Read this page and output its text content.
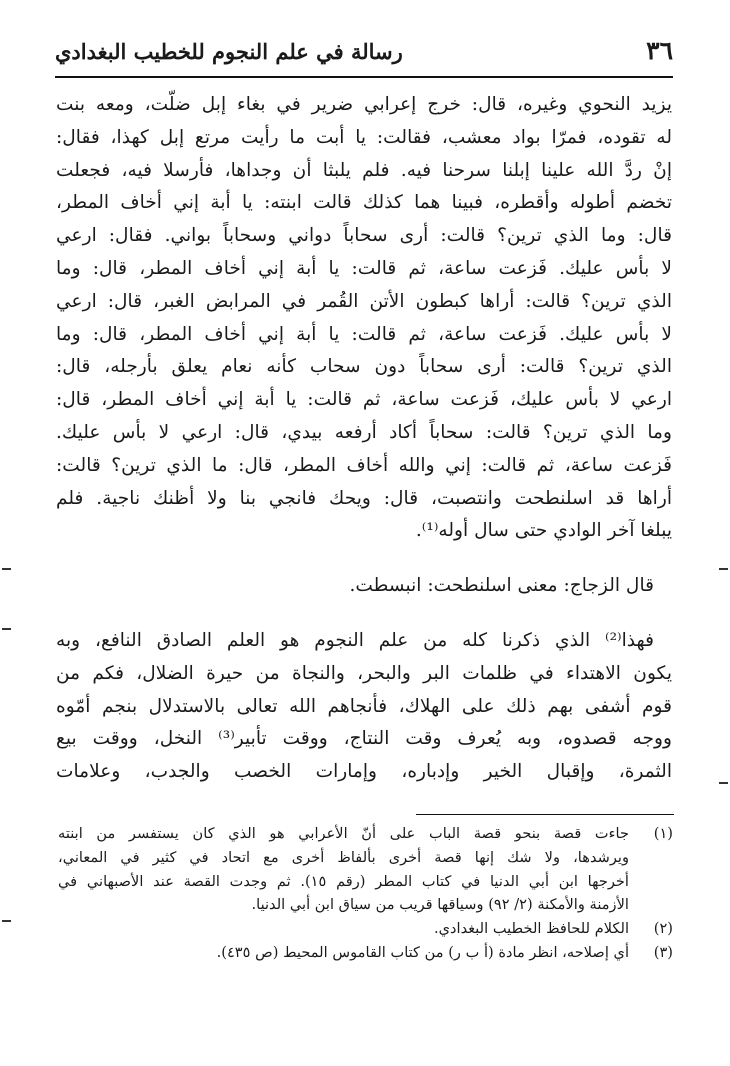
٣٦
رسالة في علم النجوم للخطيب البغدادي
يزيد النحوي وغيره، قال: خرج إعرابي ضرير في بغاء إبل ضلّت، ومعه بنت
له تقوده، فمرّا بواد معشب، فقالت: يا أبت ما رأيت مرتع إبل كهذا، فقال:
إنْ ردَّ الله علينا إبلنا سرحنا فيه. فلم يلبثا أن وجداها، فأرسلا فيه، فجعلت
تخضم أطوله وأقطره، فبينا هما كذلك قالت ابنته: يا أبة إني أخاف المطر،
قال: وما الذي ترين؟ قالت: أرى سحاباً دواني وسحاباً بواني. فقال: ارعي
لا بأس عليك. فَزعت ساعة، ثم قالت: يا أبة إني أخاف المطر، قال: وما
الذي ترين؟ قالت: أراها كبطون الأتن القُمر في المرابض الغبر، قال: ارعي
لا بأس عليك. فَزعت ساعة، ثم قالت: يا أبة إني أخاف المطر، قال: وما
الذي ترين؟ قالت: أرى سحاباً دون سحاب كأنه نعام يعلق بأرجله، قال:
ارعي لا بأس عليك، فَزعت ساعة، ثم قالت: يا أبة إني أخاف المطر، قال:
وما الذي ترين؟ قالت: سحاباً أكاد أرفعه بيدي، قال: ارعي لا بأس عليك.
فَزعت ساعة، ثم قالت: إني والله أخاف المطر، قال: ما الذي ترين؟ قالت:
أراها قد اسلنطحت وانتصبت، قال: ويحك فانجي بنا ولا أظنك ناجية. فلم
يبلغا آخر الوادي حتى سال أوله⁽¹⁾.
قال الزجاج: معنى اسلنطحت: انبسطت.
فهذا⁽²⁾ الذي ذكرنا كله من علم النجوم هو العلم الصادق النافع، وبه
يكون الاهتداء في ظلمات البر والبحر، والنجاة من حيرة الضلال، فكم من
قوم أشفى بهم ذلك على الهلاك، فأنجاهم الله تعالى بالاستدلال بنجم أمّوه
ووجه قصدوه، وبه يُعرف وقت النتاج، ووقت تأبير⁽³⁾ النخل، ووقت بيع
الثمرة، وإقبال الخير وإدباره، وإمارات الخصب والجدب، وعلامات
(١)جاءت قصة بنحو قصة الباب على أنّ الأعرابي هو الذي كان يستفسر من ابنته
ويرشدها، ولا شك إنها قصة أخرى بألفاظ أخرى مع اتحاد في كثير في المعاني،
أخرجها ابن أبي الدنيا في كتاب المطر (رقم ١٥). ثم وجدت القصة عند الأصبهاني في
الأزمنة والأمكنة (٢/ ٩٢) وسياقها قريب من سياق ابن أبي الدنيا.
(٢)الكلام للحافظ الخطيب البغدادي.
(٣)أي إصلاحه، انظر مادة (أ ب ر) من كتاب القاموس المحيط (ص ٤٣٥).
